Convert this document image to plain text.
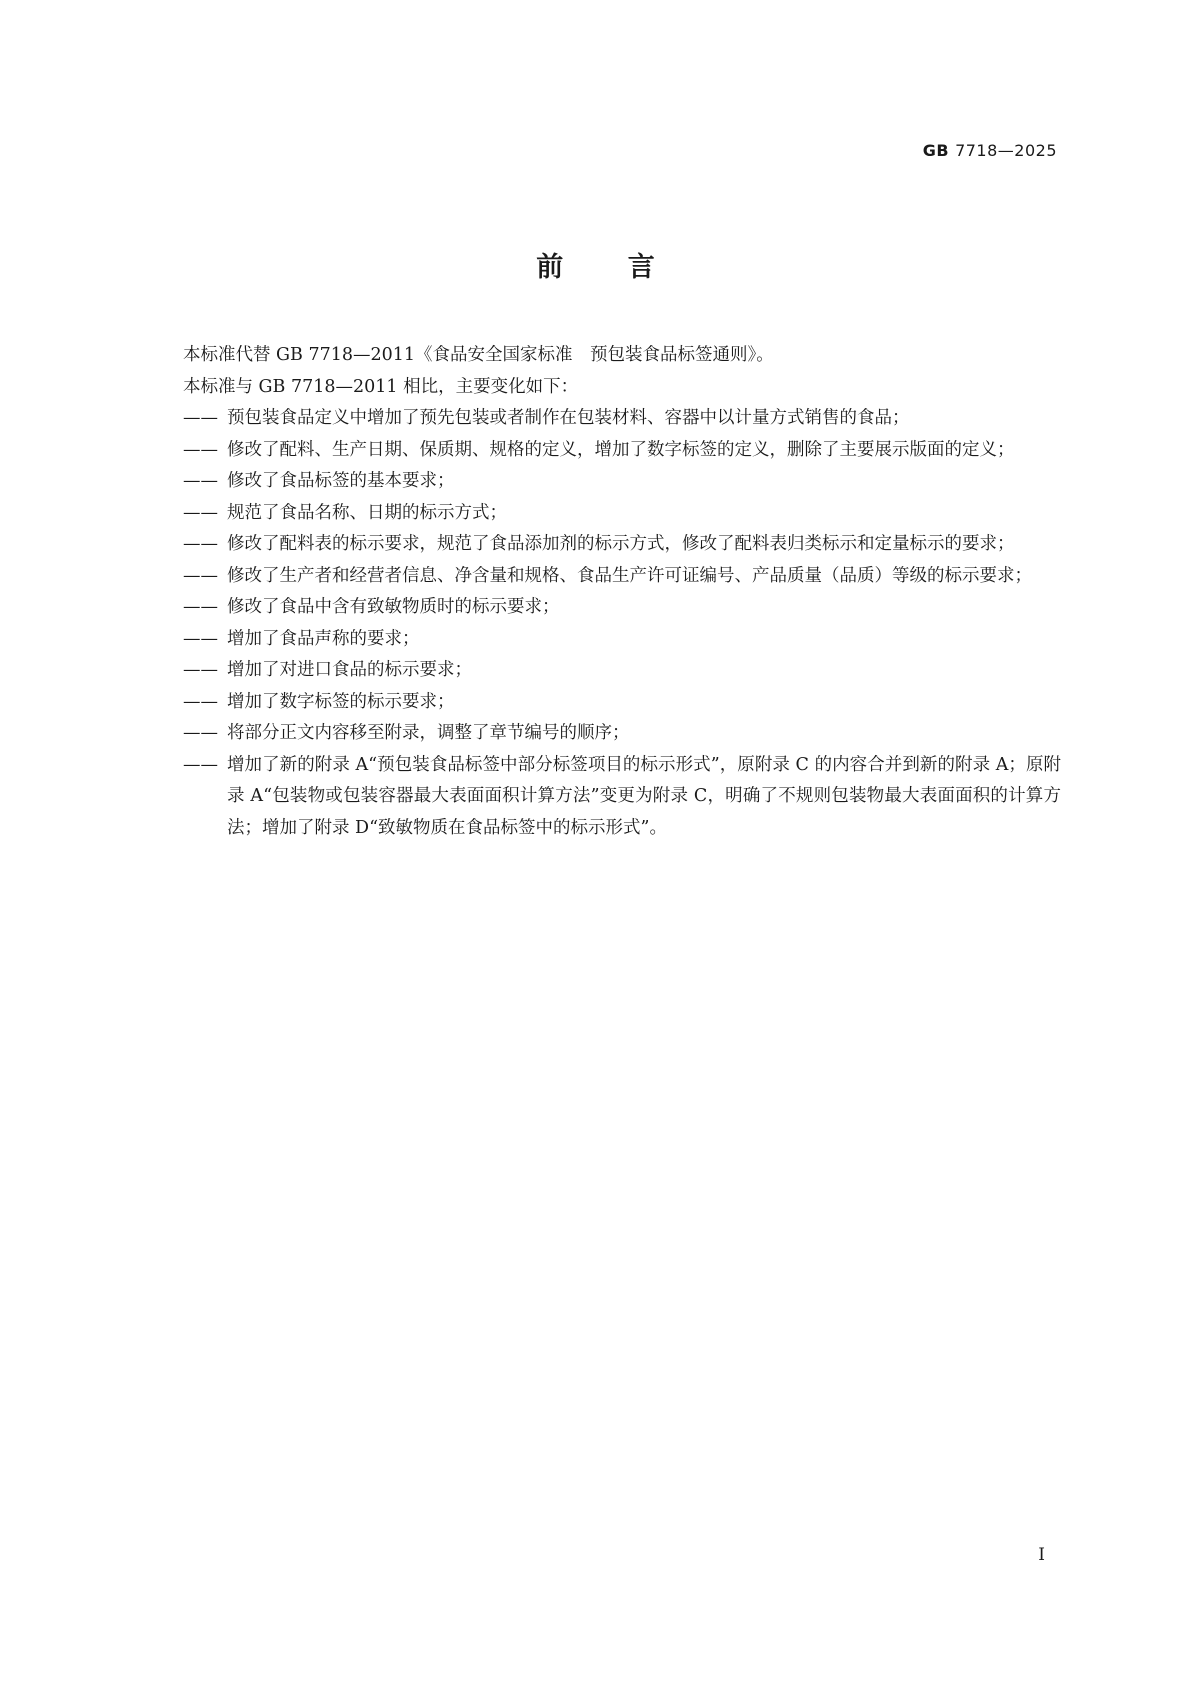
GB 7718—2025
前 言

本标准代替 GB 7718—2011《食品安全国家标准　预包装食品标签通则》。

本标准与 GB 7718—2011 相比，主要变化如下：

—— 预包装食品定义中增加了预先包装或者制作在包装材料、容器中以计量方式销售的食品；
—— 修改了配料、生产日期、保质期、规格的定义，增加了数字标签的定义，删除了主要展示版面的定义；
—— 修改了食品标签的基本要求；
—— 规范了食品名称、日期的标示方式；
—— 修改了配料表的标示要求，规范了食品添加剂的标示方式，修改了配料表归类标示和定量标示的要求；
—— 修改了生产者和经营者信息、净含量和规格、食品生产许可证编号、产品质量（品质）等级的标示要求；
—— 修改了食品中含有致敏物质时的标示要求；
—— 增加了食品声称的要求；
—— 增加了对进口食品的标示要求；
—— 增加了数字标签的标示要求；
—— 将部分正文内容移至附录，调整了章节编号的顺序；
—— 增加了新的附录 A“预包装食品标签中部分标签项目的标示形式”，原附录 C 的内容合并到新的附录 A；原附录 A“包装物或包装容器最大表面面积计算方法”变更为附录 C，明确了不规则包装物最大表面面积的计算方法；增加了附录 D“致敏物质在食品标签中的标示形式”。
I
